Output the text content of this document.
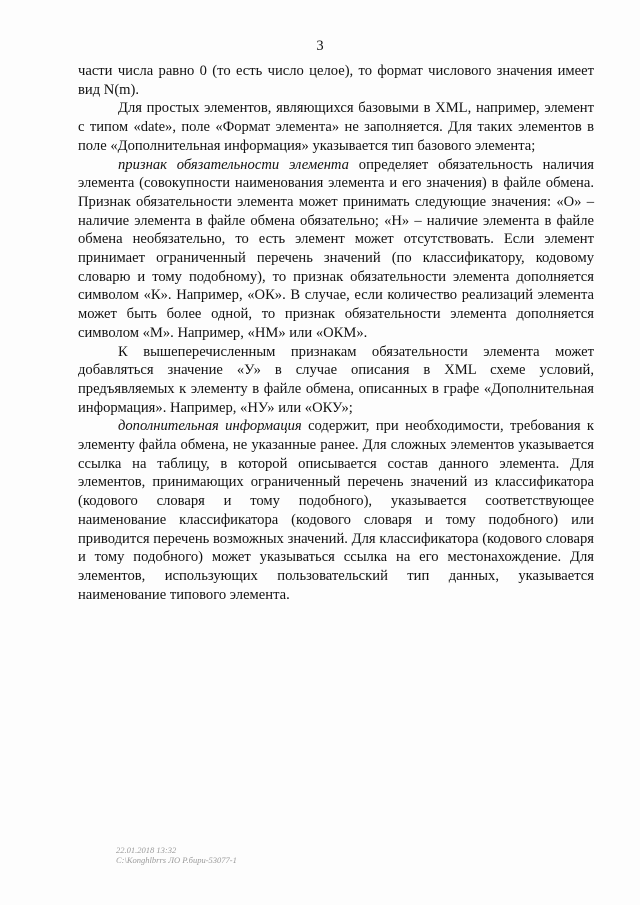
3

части числа равно 0 (то есть число целое), то формат числового значения имеет вид N(m).

Для простых элементов, являющихся базовыми в XML, например, элемент с типом «date», поле «Формат элемента» не заполняется. Для таких элементов в поле «Дополнительная информация» указывается тип базового элемента;

признак обязательности элемента определяет обязательность наличия элемента (совокупности наименования элемента и его значения) в файле обмена. Признак обязательности элемента может принимать следующие значения: «О» – наличие элемента в файле обмена обязательно; «Н» – наличие элемента в файле обмена необязательно, то есть элемент может отсутствовать. Если элемент принимает ограниченный перечень значений (по классификатору, кодовому словарю и тому подобному), то признак обязательности элемента дополняется символом «К». Например, «ОК». В случае, если количество реализаций элемента может быть более одной, то признак обязательности элемента дополняется символом «М». Например, «НМ» или «ОКМ».

К вышеперечисленным признакам обязательности элемента может добавляться значение «У» в случае описания в XML схеме условий, предъявляемых к элементу в файле обмена, описанных в графе «Дополнительная информация». Например, «НУ» или «ОКУ»;

дополнительная информация содержит, при необходимости, требования к элементу файла обмена, не указанные ранее. Для сложных элементов указывается ссылка на таблицу, в которой описывается состав данного элемента. Для элементов, принимающих ограниченный перечень значений из классификатора (кодового словаря и тому подобного), указывается соответствующее наименование классификатора (кодового словаря и тому подобного) или приводится перечень возможных значений. Для классификатора (кодового словаря и тому подобного) может указываться ссылка на его местонахождение. Для элементов, использующих пользовательский тип данных, указывается наименование типового элемента.

22.01.2018 13:32
C:\Konghlbrrs ЛО Р.бири-53077-1
